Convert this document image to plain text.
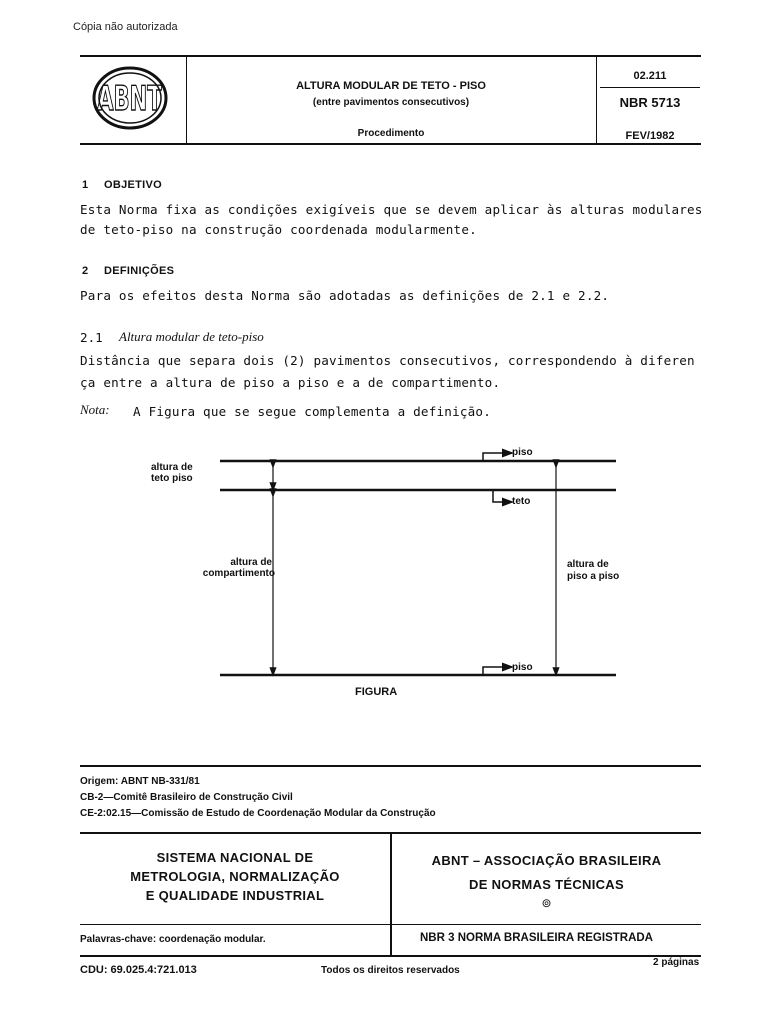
Cópia não autorizada
ABNT	ALTURA MODULAR DE TETO - PISO
(entre pavimentos consecutivos)
Procedimento
02.211
NBR 5713
FEV/1982
1 OBJETIVO
Esta Norma fixa as condições exigíveis que se devem aplicar às alturas modulares
de teto-piso na construção coordenada modularmente.
2 DEFINIÇÕES
Para os efeitos desta Norma são adotadas as definições de 2.1 e 2.2.
2.1 Altura modular de teto-piso
Distância que separa dois (2) pavimentos consecutivos, correspondendo à diferen
ça entre a altura de piso a piso e a de compartimento.
Nota: A Figura que se segue complementa a definição.
altura de
teto piso
altura de
compartimento
altura de
piso a piso
piso
teto
piso
FIGURA
Origem: ABNT NB-331/81
CB-2—Comitê Brasileiro de Construção Civil
CE-2:02.15—Comissão de Estudo de Coordenação Modular da Construção
SISTEMA NACIONAL DE
METROLOGIA, NORMALIZAÇÃO
E QUALIDADE INDUSTRIAL
ABNT – ASSOCIAÇÃO BRASILEIRA
DE NORMAS TÉCNICAS
⊚
Palavras-chave: coordenação modular.	NBR 3 NORMA BRASILEIRA REGISTRADA
CDU: 69.025.4:721.013	Todos os direitos reservados
2 páginas
